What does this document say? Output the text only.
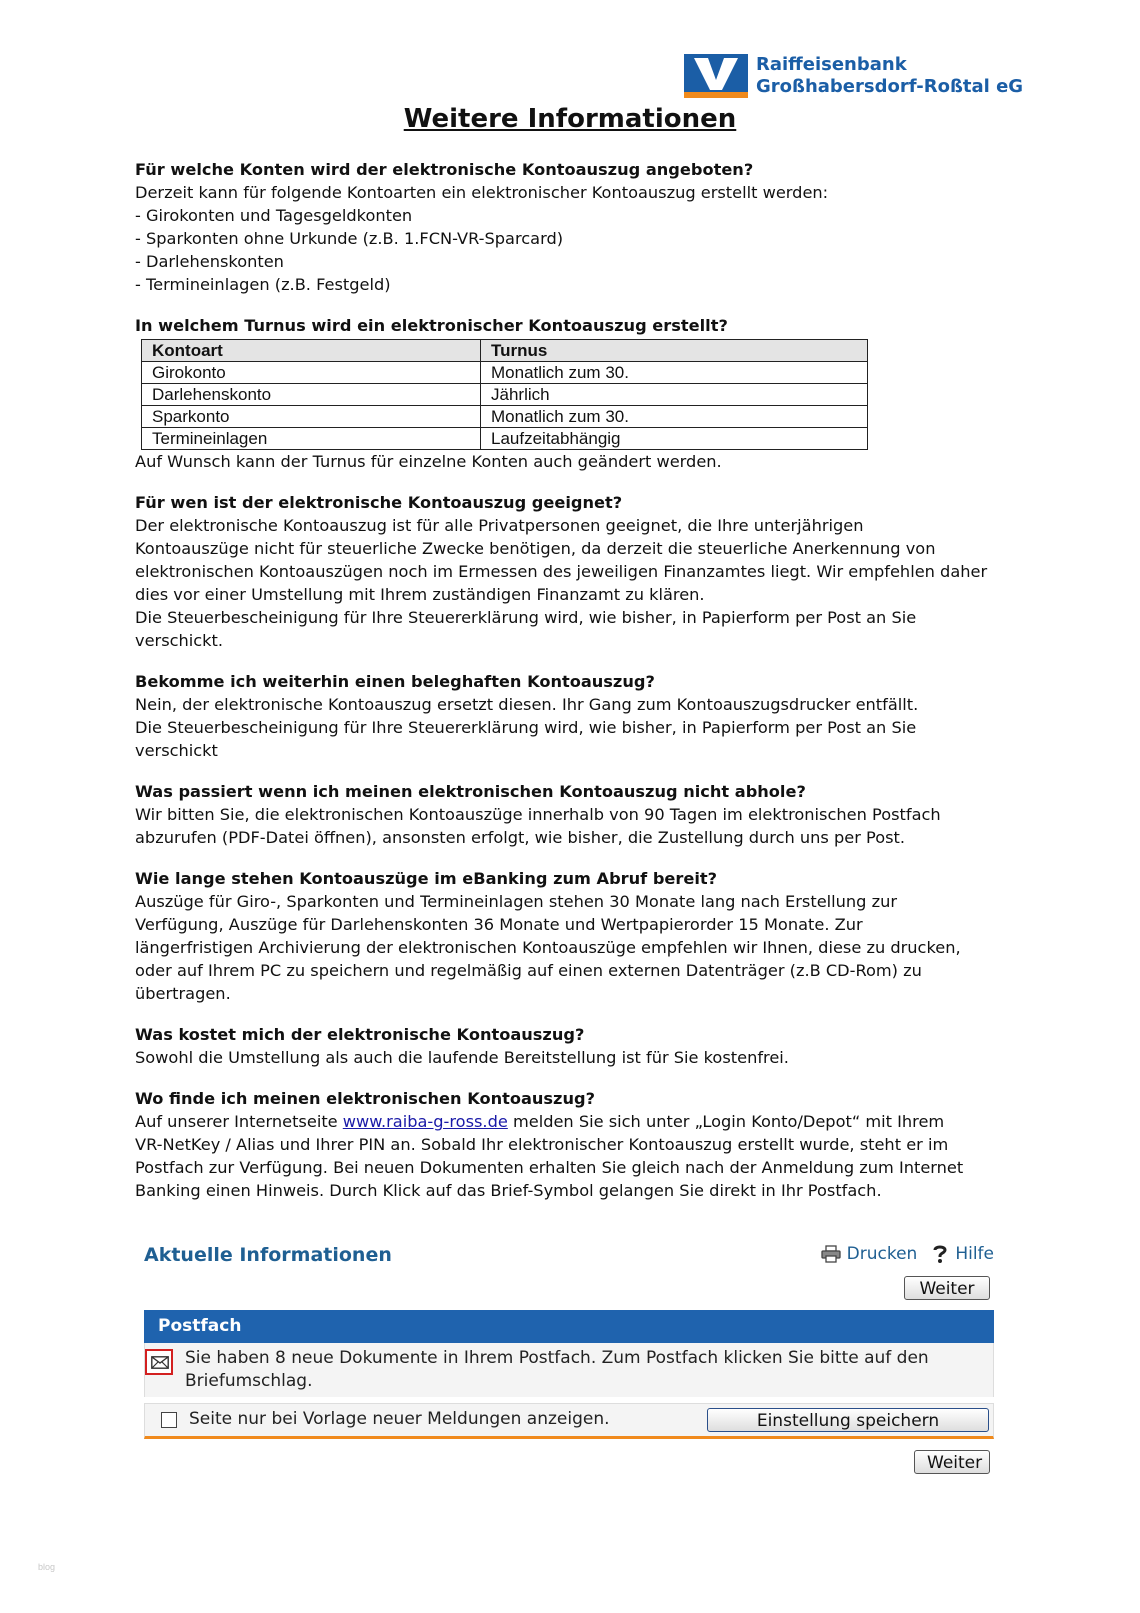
Raiffeisenbank
Großhabersdorf-Roßtal eG
Weitere Informationen

Für welche Konten wird der elektronische Kontoauszug angeboten?

Derzeit kann für folgende Kontoarten ein elektronischer Kontoauszug erstellt werden:

- Girokonten und Tagesgeldkonten

- Sparkonten ohne Urkunde (z.B. 1.FCN-VR-Sparcard)

- Darlehenskonten

- Termineinlagen (z.B. Festgeld)

In welchem Turnus wird ein elektronischer Kontoauszug erstellt?

Kontoart	Turnus
Girokonto	Monatlich zum 30.
Darlehenskonto	Jährlich
Sparkonto	Monatlich zum 30.
Termineinlagen	Laufzeitabhängig

Auf Wunsch kann der Turnus für einzelne Konten auch geändert werden.

Für wen ist der elektronische Kontoauszug geeignet?

Der elektronische Kontoauszug ist für alle Privatpersonen geeignet, die Ihre unterjährigen

Kontoauszüge nicht für steuerliche Zwecke benötigen, da derzeit die steuerliche Anerkennung von

elektronischen Kontoauszügen noch im Ermessen des jeweiligen Finanzamtes liegt. Wir empfehlen daher

dies vor einer Umstellung mit Ihrem zuständigen Finanzamt zu klären.

Die Steuerbescheinigung für Ihre Steuererklärung wird, wie bisher, in Papierform per Post an Sie

verschickt.

Bekomme ich weiterhin einen beleghaften Kontoauszug?

Nein, der elektronische Kontoauszug ersetzt diesen. Ihr Gang zum Kontoauszugsdrucker entfällt.

Die Steuerbescheinigung für Ihre Steuererklärung wird, wie bisher, in Papierform per Post an Sie

verschickt

Was passiert wenn ich meinen elektronischen Kontoauszug nicht abhole?

Wir bitten Sie, die elektronischen Kontoauszüge innerhalb von 90 Tagen im elektronischen Postfach

abzurufen (PDF-Datei öffnen), ansonsten erfolgt, wie bisher, die Zustellung durch uns per Post.

Wie lange stehen Kontoauszüge im eBanking zum Abruf bereit?

Auszüge für Giro-, Sparkonten und Termineinlagen stehen 30 Monate lang nach Erstellung zur

Verfügung, Auszüge für Darlehenskonten 36 Monate und Wertpapierorder 15 Monate. Zur

längerfristigen Archivierung der elektronischen Kontoauszüge empfehlen wir Ihnen, diese zu drucken,

oder auf Ihrem PC zu speichern und regelmäßig auf einen externen Datenträger (z.B CD-Rom) zu

übertragen.

Was kostet mich der elektronische Kontoauszug?

Sowohl die Umstellung als auch die laufende Bereitstellung ist für Sie kostenfrei.

Wo finde ich meinen elektronischen Kontoauszug?

Auf unserer Internetseite www.raiba-g-ross.de melden Sie sich unter „Login Konto/Depot“ mit Ihrem

VR-NetKey / Alias und Ihrer PIN an. Sobald Ihr elektronischer Kontoauszug erstellt wurde, steht er im

Postfach zur Verfügung. Bei neuen Dokumenten erhalten Sie gleich nach der Anmeldung zum Internet

Banking einen Hinweis. Durch Klick auf das Brief-Symbol gelangen Sie direkt in Ihr Postfach.

Aktuelle Informationen	Drucken Hilfe
Weiter
Postfach
Sie haben 8 neue Dokumente in Ihrem Postfach. Zum Postfach klicken Sie bitte auf den Briefumschlag.
Seite nur bei Vorlage neuer Meldungen anzeigen.	Einstellung speichern
Weiter
blog
